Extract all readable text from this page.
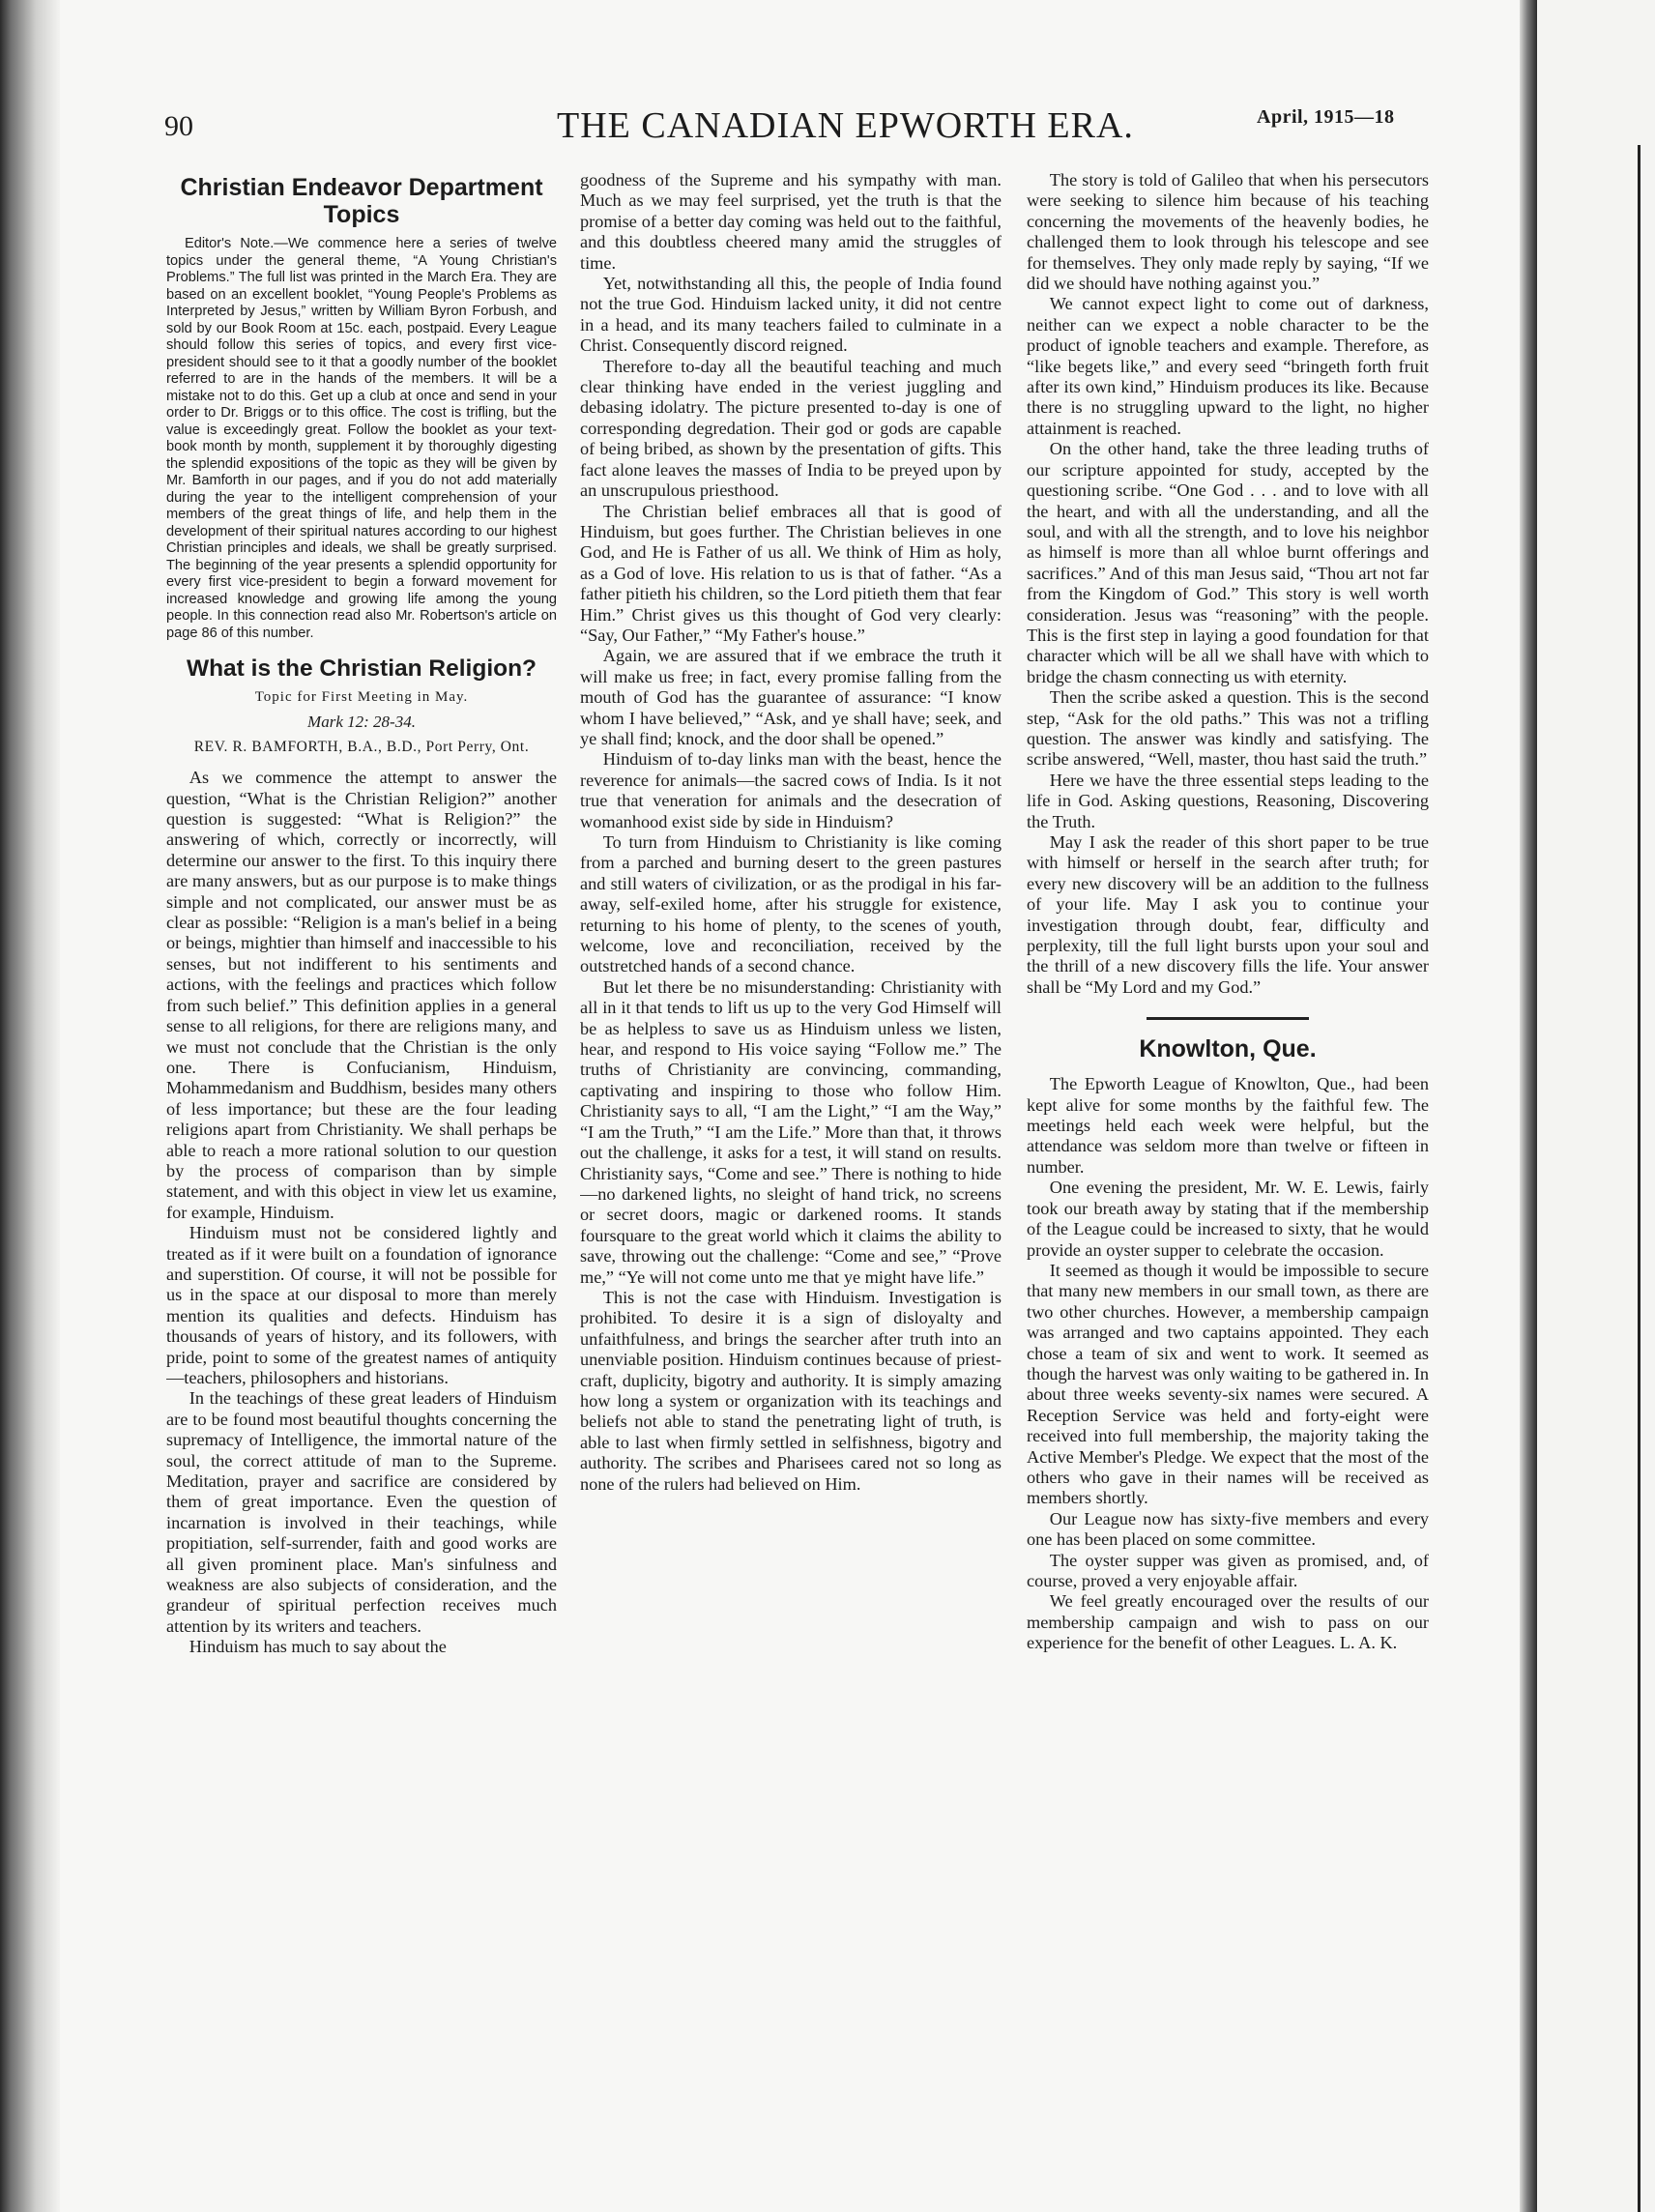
90	THE CANADIAN EPWORTH ERA.	April, 1915—18
Christian Endeavor Department Topics

Editor's Note.—We commence here a series of twelve topics under the general theme, “A Young Christian's Problems.” The full list was printed in the March Era. They are based on an excellent booklet, “Young People's Problems as Interpreted by Jesus,” written by William Byron Forbush, and sold by our Book Room at 15c. each, postpaid. Every League should follow this series of topics, and every first vice-president should see to it that a goodly number of the booklet referred to are in the hands of the members. It will be a mistake not to do this. Get up a club at once and send in your order to Dr. Briggs or to this office. The cost is trifling, but the value is exceedingly great. Follow the booklet as your text-book month by month, supplement it by thoroughly digesting the splendid expositions of the topic as they will be given by Mr. Bamforth in our pages, and if you do not add materially during the year to the intelligent comprehension of your members of the great things of life, and help them in the development of their spiritual natures according to our highest Christian principles and ideals, we shall be greatly surprised. The beginning of the year presents a splendid opportunity for every first vice-president to begin a forward movement for increased knowledge and growing life among the young people. In this connection read also Mr. Robertson's article on page 86 of this number.

What is the Christian Religion?
Topic for First Meeting in May.
Mark 12: 28-34.
REV. R. BAMFORTH, B.A., B.D., Port Perry, Ont.

As we commence the attempt to answer the question, “What is the Christian Religion?” another question is suggested: “What is Religion?” the answering of which, correctly or incorrectly, will determine our answer to the first. To this inquiry there are many answers, but as our purpose is to make things simple and not complicated, our answer must be as clear as possible: “Religion is a man's belief in a being or beings, mightier than himself and inaccessible to his senses, but not indifferent to his sentiments and actions, with the feelings and practices which follow from such belief.” This definition applies in a general sense to all religions, for there are religions many, and we must not conclude that the Christian is the only one. There is Confucianism, Hinduism, Mohammedanism and Buddhism, besides many others of less importance; but these are the four leading religions apart from Christianity. We shall perhaps be able to reach a more rational solution to our question by the process of comparison than by simple statement, and with this object in view let us examine, for example, Hinduism.

Hinduism must not be considered lightly and treated as if it were built on a foundation of ignorance and superstition. Of course, it will not be possible for us in the space at our disposal to more than merely mention its qualities and defects. Hinduism has thousands of years of history, and its followers, with pride, point to some of the greatest names of antiquity—teachers, philosophers and historians.

In the teachings of these great leaders of Hinduism are to be found most beautiful thoughts concerning the supremacy of Intelligence, the immortal nature of the soul, the correct attitude of man to the Supreme. Meditation, prayer and sacrifice are considered by them of great importance. Even the question of incarnation is involved in their teachings, while propitiation, self-surrender, faith and good works are all given prominent place. Man's sinfulness and weakness are also subjects of consideration, and the grandeur of spiritual perfection receives much attention by its writers and teachers.

Hinduism has much to say about the

goodness of the Supreme and his sympathy with man. Much as we may feel surprised, yet the truth is that the promise of a better day coming was held out to the faithful, and this doubtless cheered many amid the struggles of time.

Yet, notwithstanding all this, the people of India found not the true God. Hinduism lacked unity, it did not centre in a head, and its many teachers failed to culminate in a Christ. Consequently discord reigned.

Therefore to-day all the beautiful teaching and much clear thinking have ended in the veriest juggling and debasing idolatry. The picture presented to-day is one of corresponding degredation. Their god or gods are capable of being bribed, as shown by the presentation of gifts. This fact alone leaves the masses of India to be preyed upon by an unscrupulous priesthood.

The Christian belief embraces all that is good of Hinduism, but goes further. The Christian believes in one God, and He is Father of us all. We think of Him as holy, as a God of love. His relation to us is that of father. “As a father pitieth his children, so the Lord pitieth them that fear Him.” Christ gives us this thought of God very clearly: “Say, Our Father,” “My Father's house.”

Again, we are assured that if we embrace the truth it will make us free; in fact, every promise falling from the mouth of God has the guarantee of assurance: “I know whom I have believed,” “Ask, and ye shall have; seek, and ye shall find; knock, and the door shall be opened.”

Hinduism of to-day links man with the beast, hence the reverence for animals—the sacred cows of India. Is it not true that veneration for animals and the desecration of womanhood exist side by side in Hinduism?

To turn from Hinduism to Christianity is like coming from a parched and burning desert to the green pastures and still waters of civilization, or as the prodigal in his far-away, self-exiled home, after his struggle for existence, returning to his home of plenty, to the scenes of youth, welcome, love and reconciliation, received by the outstretched hands of a second chance.

But let there be no misunderstanding: Christianity with all in it that tends to lift us up to the very God Himself will be as helpless to save us as Hinduism unless we listen, hear, and respond to His voice saying “Follow me.” The truths of Christianity are convincing, commanding, captivating and inspiring to those who follow Him. Christianity says to all, “I am the Light,” “I am the Way,” “I am the Truth,” “I am the Life.” More than that, it throws out the challenge, it asks for a test, it will stand on results. Christianity says, “Come and see.” There is nothing to hide—no darkened lights, no sleight of hand trick, no screens or secret doors, magic or darkened rooms. It stands foursquare to the great world which it claims the ability to save, throwing out the challenge: “Come and see,” “Prove me,” “Ye will not come unto me that ye might have life.”

This is not the case with Hinduism. Investigation is prohibited. To desire it is a sign of disloyalty and unfaithfulness, and brings the searcher after truth into an unenviable position. Hinduism continues because of priest-craft, duplicity, bigotry and authority. It is simply amazing how long a system or organization with its teachings and beliefs not able to stand the penetrating light of truth, is able to last when firmly settled in selfishness, bigotry and authority. The scribes and Pharisees cared not so long as none of the rulers had believed on Him.

The story is told of Galileo that when his persecutors were seeking to silence him because of his teaching concerning the movements of the heavenly bodies, he challenged them to look through his telescope and see for themselves. They only made reply by saying, “If we did we should have nothing against you.”

We cannot expect light to come out of darkness, neither can we expect a noble character to be the product of ignoble teachers and example. Therefore, as “like begets like,” and every seed “bringeth forth fruit after its own kind,” Hinduism produces its like. Because there is no struggling upward to the light, no higher attainment is reached.

On the other hand, take the three leading truths of our scripture appointed for study, accepted by the questioning scribe. “One God . . . and to love with all the heart, and with all the understanding, and all the soul, and with all the strength, and to love his neighbor as himself is more than all whloe burnt offerings and sacrifices.” And of this man Jesus said, “Thou art not far from the Kingdom of God.” This story is well worth consideration. Jesus was “reasoning” with the people. This is the first step in laying a good foundation for that character which will be all we shall have with which to bridge the chasm connecting us with eternity.

Then the scribe asked a question. This is the second step, “Ask for the old paths.” This was not a trifling question. The answer was kindly and satisfying. The scribe answered, “Well, master, thou hast said the truth.”

Here we have the three essential steps leading to the life in God. Asking questions, Reasoning, Discovering the Truth.

May I ask the reader of this short paper to be true with himself or herself in the search after truth; for every new discovery will be an addition to the fullness of your life. May I ask you to continue your investigation through doubt, fear, difficulty and perplexity, till the full light bursts upon your soul and the thrill of a new discovery fills the life. Your answer shall be “My Lord and my God.”

Knowlton, Que.

The Epworth League of Knowlton, Que., had been kept alive for some months by the faithful few. The meetings held each week were helpful, but the attendance was seldom more than twelve or fifteen in number.

One evening the president, Mr. W. E. Lewis, fairly took our breath away by stating that if the membership of the League could be increased to sixty, that he would provide an oyster supper to celebrate the occasion.

It seemed as though it would be impossible to secure that many new members in our small town, as there are two other churches. However, a membership campaign was arranged and two captains appointed. They each chose a team of six and went to work. It seemed as though the harvest was only waiting to be gathered in. In about three weeks seventy-six names were secured. A Reception Service was held and forty-eight were received into full membership, the majority taking the Active Member's Pledge. We expect that the most of the others who gave in their names will be received as members shortly.

Our League now has sixty-five members and every one has been placed on some committee.

The oyster supper was given as promised, and, of course, proved a very enjoyable affair.

We feel greatly encouraged over the results of our membership campaign and wish to pass on our experience for the benefit of other Leagues. L. A. K.
